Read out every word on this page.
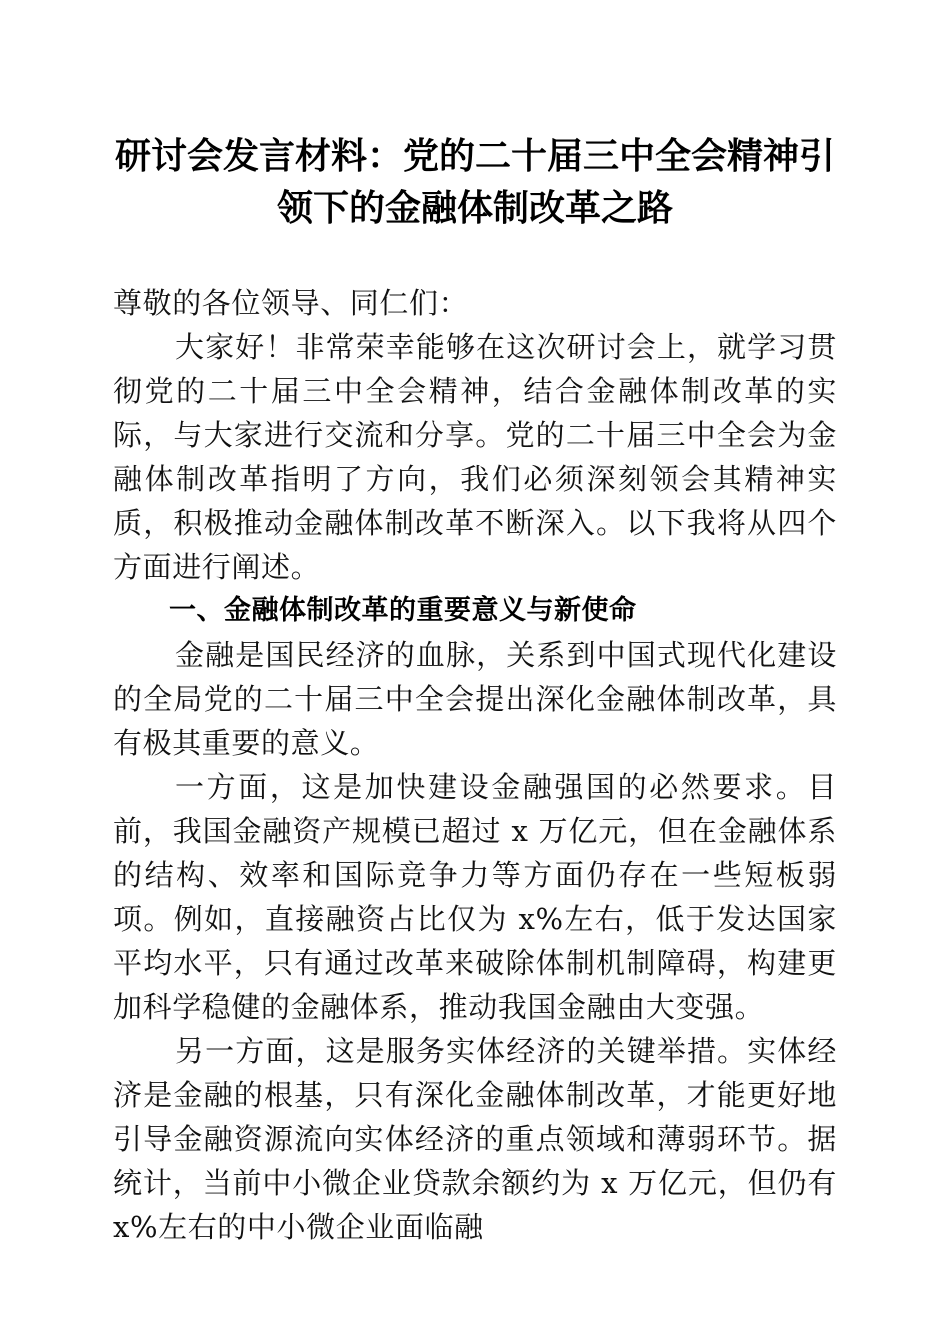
研讨会发言材料：党的二十届三中全会精神引
领下的金融体制改革之路

尊敬的各位领导、同仁们：

大家好！非常荣幸能够在这次研讨会上，就学习贯彻党的二十届三中全会精神，结合金融体制改革的实际，与大家进行交流和分享。党的二十届三中全会为金融体制改革指明了方向，我们必须深刻领会其精神实质，积极推动金融体制改革不断深入。以下我将从四个方面进行阐述。

一、金融体制改革的重要意义与新使命

金融是国民经济的血脉，关系到中国式现代化建设的全局党的二十届三中全会提出深化金融体制改革，具有极其重要的意义。

一方面，这是加快建设金融强国的必然要求。目前，我国金融资产规模已超过 x 万亿元，但在金融体系的结构、效率和国际竞争力等方面仍存在一些短板弱项。例如，直接融资占比仅为 x%左右，低于发达国家平均水平，只有通过改革来破除体制机制障碍，构建更加科学稳健的金融体系，推动我国金融由大变强。

另一方面，这是服务实体经济的关键举措。实体经济是金融的根基，只有深化金融体制改革，才能更好地引导金融资源流向实体经济的重点领域和薄弱环节。据统计，当前中小微企业贷款余额约为 x 万亿元，但仍有 x%左右的中小微企业面临融
